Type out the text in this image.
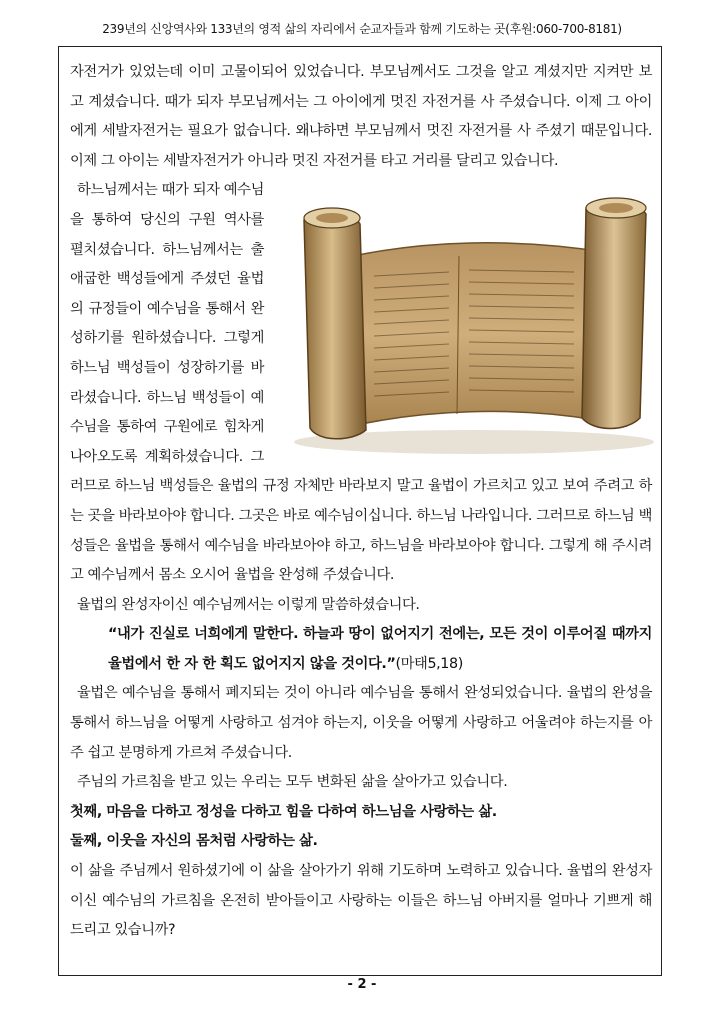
239년의 신앙역사와 133년의 영적 삶의 자리에서 순교자들과 함께 기도하는 곳(후원:060-700-8181)

자전거가 있었는데 이미 고물이되어 있었습니다. 부모님께서도 그것을 알고 계셨지만 지켜만 보고 계셨습니다. 때가 되자 부모님께서는 그 아이에게 멋진 자전거를 사 주셨습니다. 이제 그 아이에게 세발자전거는 필요가 없습니다. 왜냐하면 부모님께서 멋진 자전거를 사 주셨기 때문입니다. 이제 그 아이는 세발자전거가 아니라 멋진 자전거를 타고 거리를 달리고 있습니다.

하느님께서는 때가 되자 예수님을 통하여 당신의 구원 역사를 펼치셨습니다. 하느님께서는 출애굽한 백성들에게 주셨던 율법의 규정들이 예수님을 통해서 완성하기를 원하셨습니다. 그렇게 하느님 백성들이 성장하기를 바라셨습니다. 하느님 백성들이 예수님을 통하여 구원에로 힘차게 나아오도록 계획하셨습니다. 그러므로 하느님 백성들은 율법의 규정 자체만 바라보지 말고 율법이 가르치고 있고 보여 주려고 하는 곳을 바라보아야 합니다. 그곳은 바로 예수님이십니다. 하느님 나라입니다. 그러므로 하느님 백성들은 율법을 통해서 예수님을 바라보아야 하고, 하느님을 바라보아야 합니다. 그렇게 해 주시려고 예수님께서 몸소 오시어 율법을 완성해 주셨습니다.

율법의 완성자이신 예수님께서는 이렇게 말씀하셨습니다.

“내가 진실로 너희에게 말한다. 하늘과 땅이 없어지기 전에는, 모든 것이 이루어질 때까지 율법에서 한 자 한 획도 없어지지 않을 것이다.”(마태5,18)

율법은 예수님을 통해서 폐지되는 것이 아니라 예수님을 통해서 완성되었습니다. 율법의 완성을 통해서 하느님을 어떻게 사랑하고 섬겨야 하는지, 이웃을 어떻게 사랑하고 어울려야 하는지를 아주 쉽고 분명하게 가르쳐 주셨습니다.

주님의 가르침을 받고 있는 우리는 모두 변화된 삶을 살아가고 있습니다.

첫째, 마음을 다하고 정성을 다하고 힘을 다하여 하느님을 사랑하는 삶.

둘째, 이웃을 자신의 몸처럼 사랑하는 삶.

이 삶을 주님께서 원하셨기에 이 삶을 살아가기 위해 기도하며 노력하고 있습니다. 율법의 완성자이신 예수님의 가르침을 온전히 받아들이고 사랑하는 이들은 하느님 아버지를 얼마나 기쁘게 해 드리고 있습니까?

- 2 -
